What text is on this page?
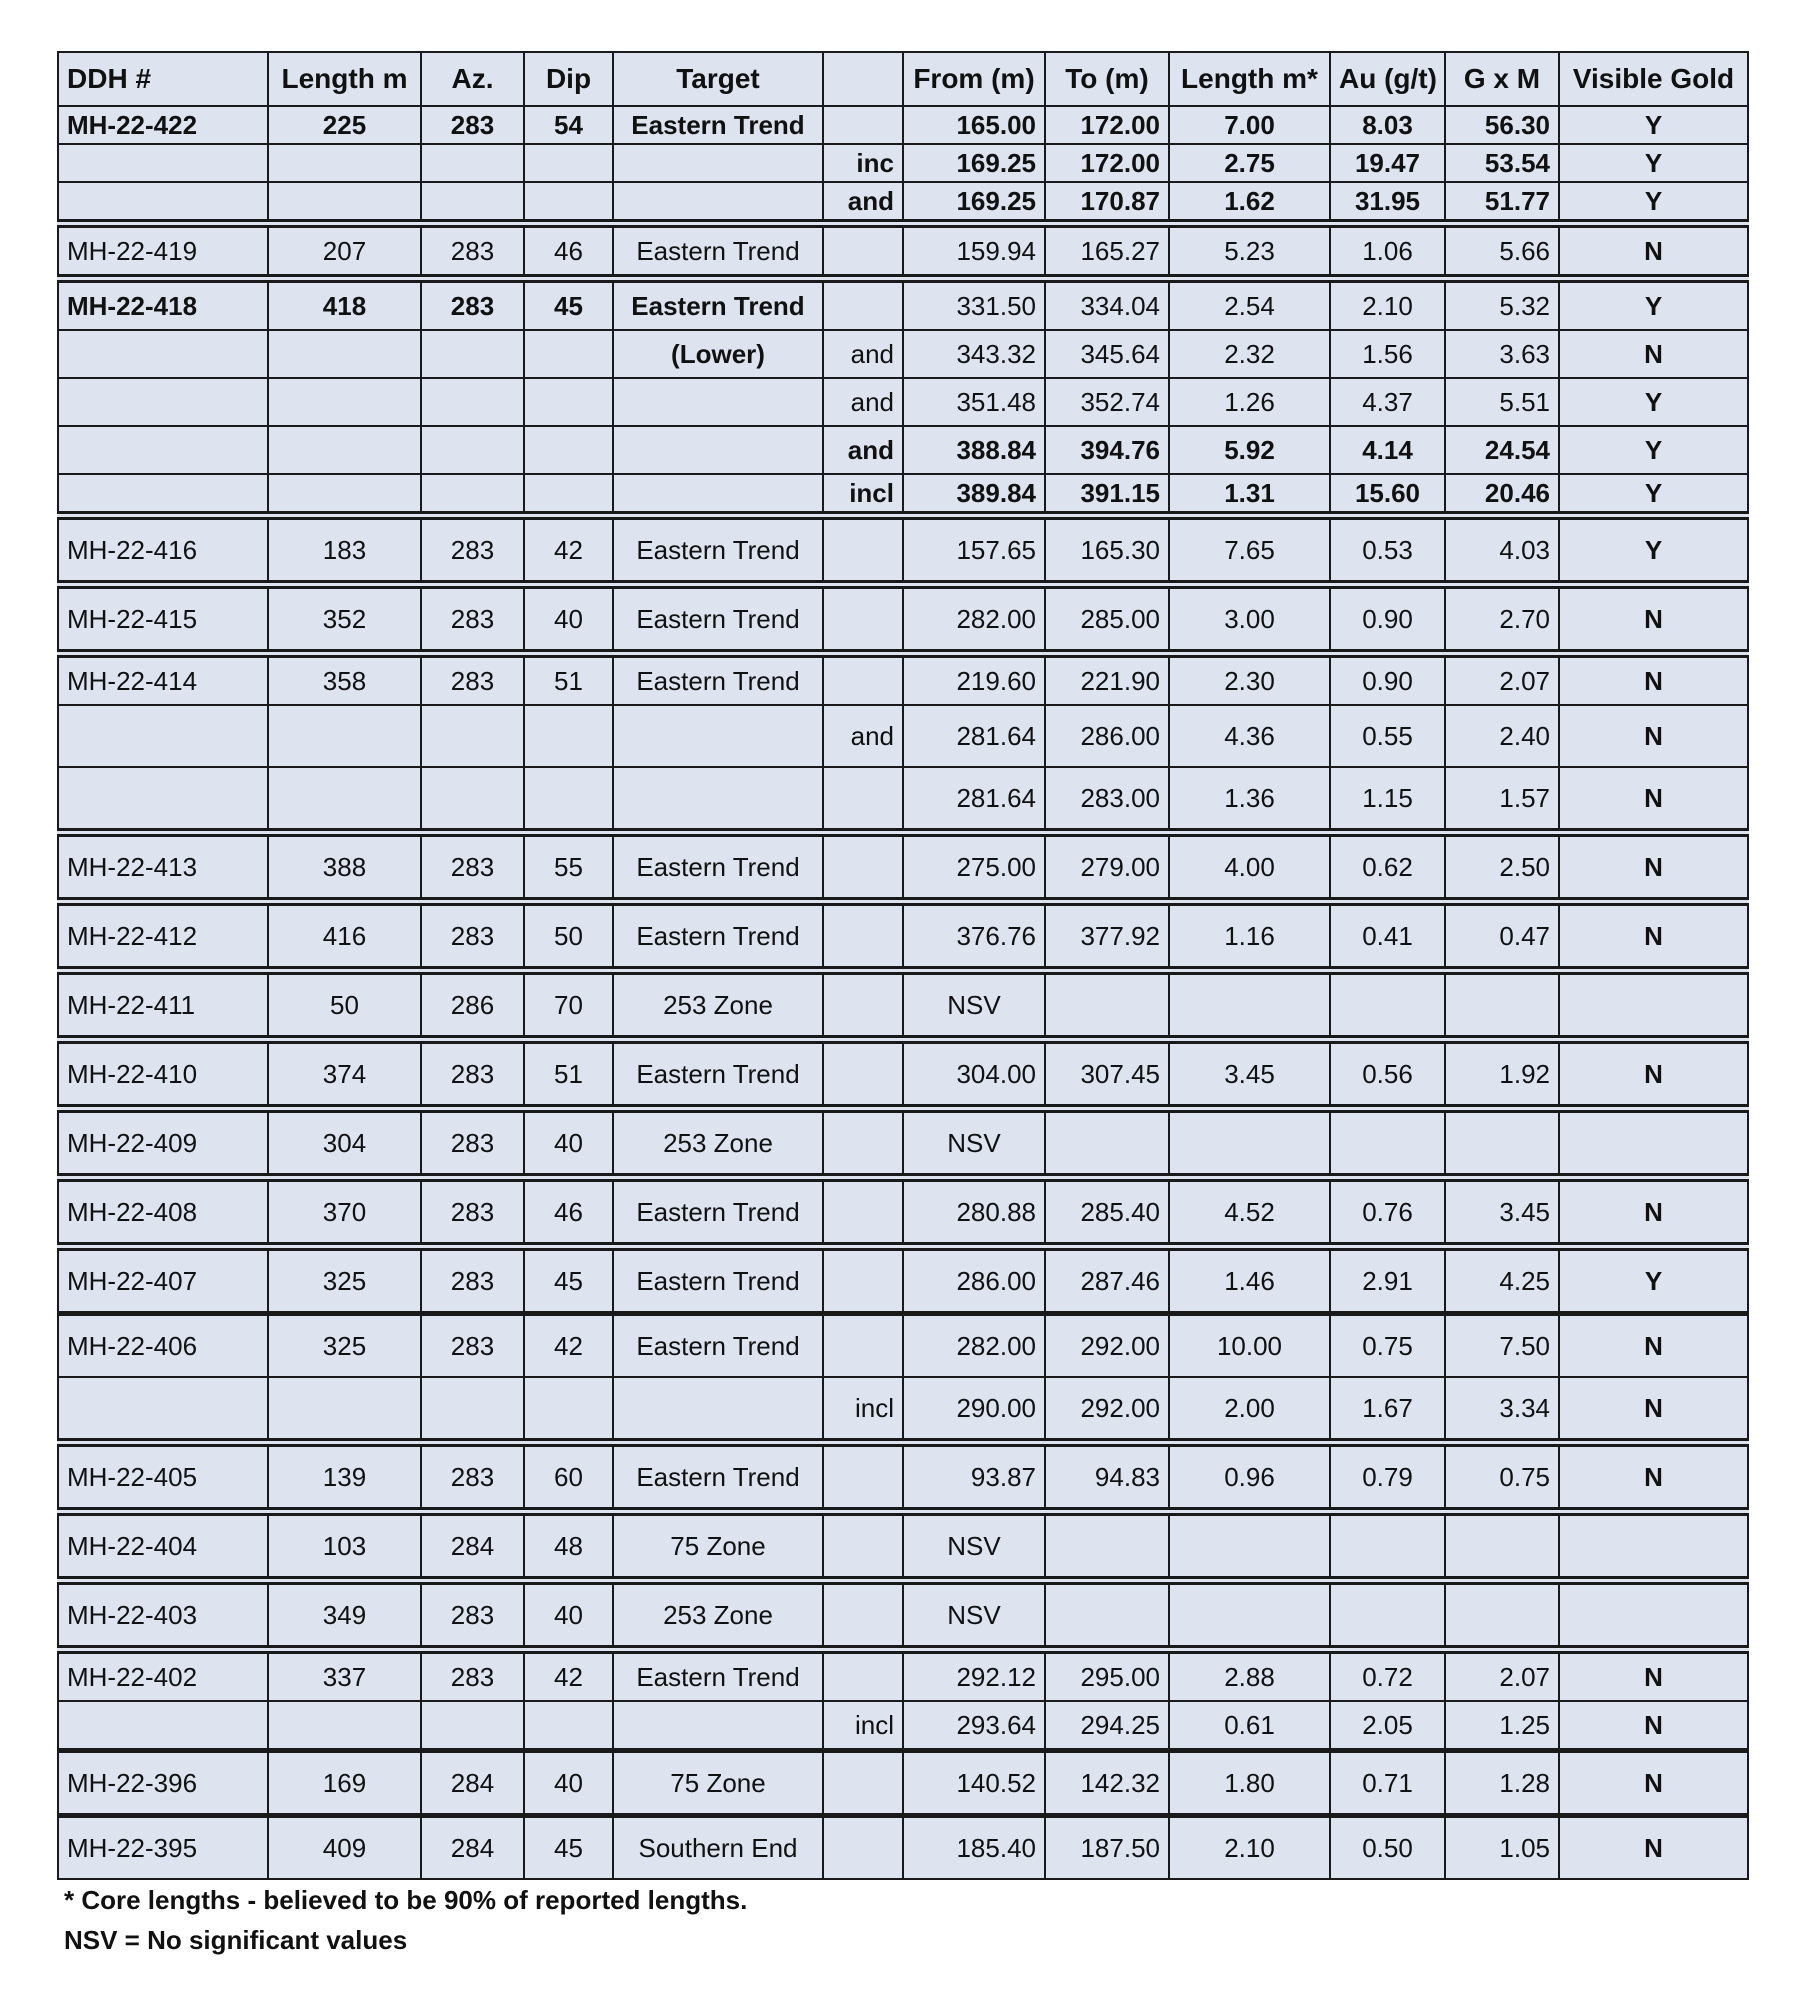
DDH #	Length m	Az.	Dip	Target		From (m)	To (m)	Length m*	Au (g/t)	G x M	Visible Gold
MH-22-422	225	283	54	Eastern Trend		165.00	172.00	7.00	8.03	56.30	Y
					inc	169.25	172.00	2.75	19.47	53.54	Y
					and	169.25	170.87	1.62	31.95	51.77	Y
MH-22-419	207	283	46	Eastern Trend		159.94	165.27	5.23	1.06	5.66	N
MH-22-418	418	283	45	Eastern Trend		331.50	334.04	2.54	2.10	5.32	Y
				(Lower)	and	343.32	345.64	2.32	1.56	3.63	N
					and	351.48	352.74	1.26	4.37	5.51	Y
					and	388.84	394.76	5.92	4.14	24.54	Y
					incl	389.84	391.15	1.31	15.60	20.46	Y
MH-22-416	183	283	42	Eastern Trend		157.65	165.30	7.65	0.53	4.03	Y
MH-22-415	352	283	40	Eastern Trend		282.00	285.00	3.00	0.90	2.70	N
MH-22-414	358	283	51	Eastern Trend		219.60	221.90	2.30	0.90	2.07	N
					and	281.64	286.00	4.36	0.55	2.40	N
						281.64	283.00	1.36	1.15	1.57	N
MH-22-413	388	283	55	Eastern Trend		275.00	279.00	4.00	0.62	2.50	N
MH-22-412	416	283	50	Eastern Trend		376.76	377.92	1.16	0.41	0.47	N
MH-22-411	50	286	70	253 Zone		NSV					
MH-22-410	374	283	51	Eastern Trend		304.00	307.45	3.45	0.56	1.92	N
MH-22-409	304	283	40	253 Zone		NSV					
MH-22-408	370	283	46	Eastern Trend		280.88	285.40	4.52	0.76	3.45	N
MH-22-407	325	283	45	Eastern Trend		286.00	287.46	1.46	2.91	4.25	Y
MH-22-406	325	283	42	Eastern Trend		282.00	292.00	10.00	0.75	7.50	N
					incl	290.00	292.00	2.00	1.67	3.34	N
MH-22-405	139	283	60	Eastern Trend		93.87	94.83	0.96	0.79	0.75	N
MH-22-404	103	284	48	75 Zone		NSV					
MH-22-403	349	283	40	253 Zone		NSV					
MH-22-402	337	283	42	Eastern Trend		292.12	295.00	2.88	0.72	2.07	N
					incl	293.64	294.25	0.61	2.05	1.25	N
MH-22-396	169	284	40	75 Zone		140.52	142.32	1.80	0.71	1.28	N
MH-22-395	409	284	45	Southern End		185.40	187.50	2.10	0.50	1.05	N
* Core lengths - believed to be 90% of reported lengths.
NSV = No significant values
